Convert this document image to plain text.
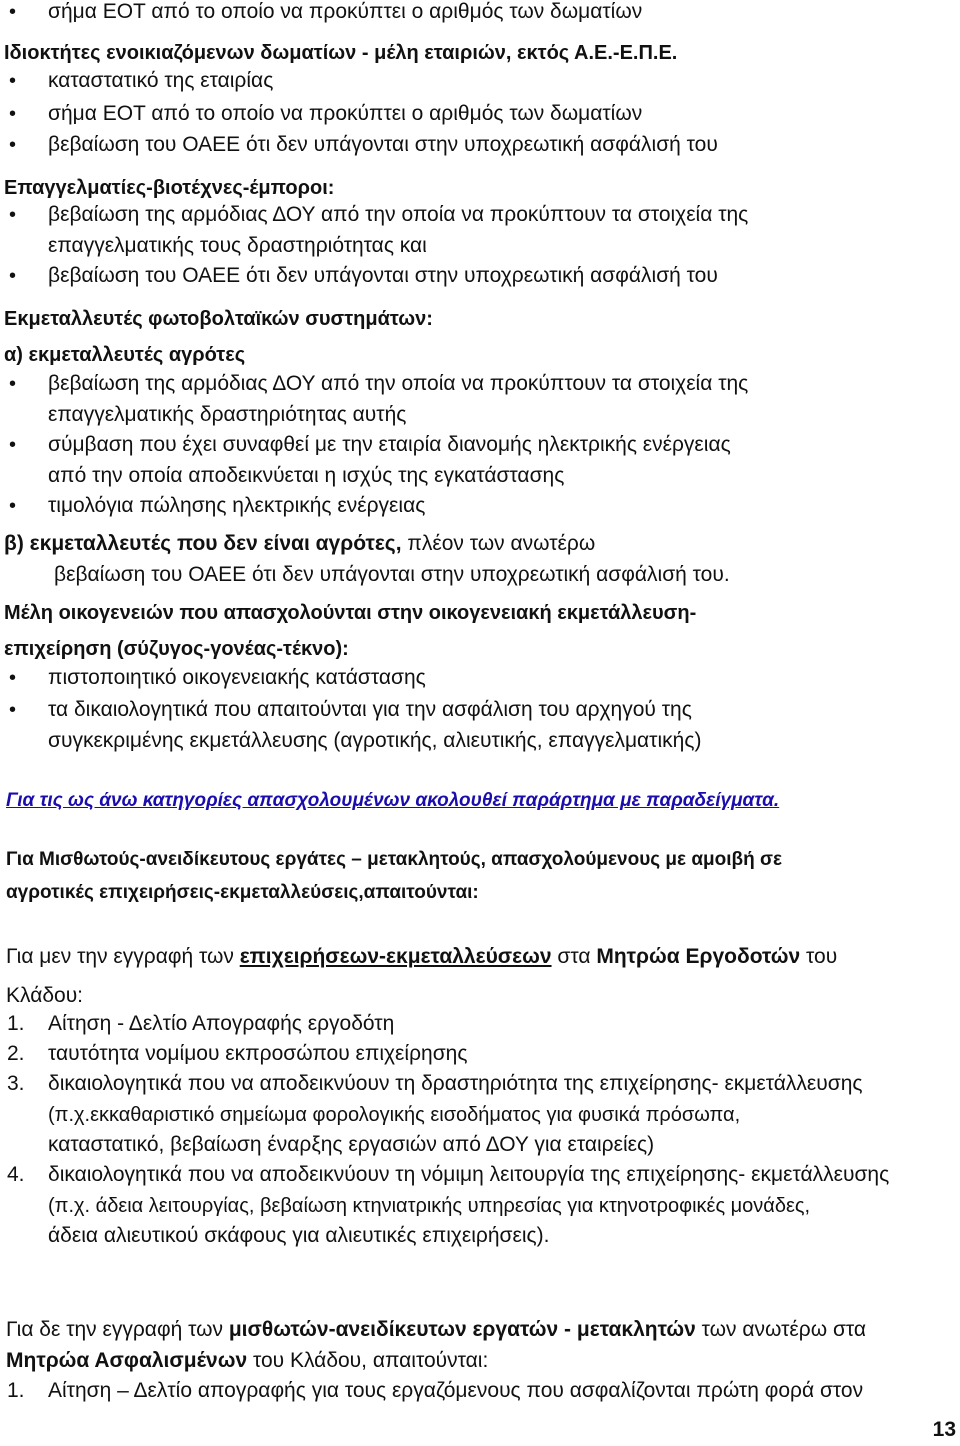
• σήμα ΕΟΤ από το οποίο να προκύπτει ο αριθμός των δωματίων
Ιδιοκτήτες ενοικιαζόμενων δωματίων - μέλη εταιριών, εκτός Α.Ε.-Ε.Π.Ε.
• καταστατικό της εταιρίας
• σήμα ΕΟΤ από το οποίο να προκύπτει ο αριθμός των δωματίων
• βεβαίωση του ΟΑΕΕ ότι δεν υπάγονται στην υποχρεωτική ασφάλισή του
Επαγγελματίες-βιοτέχνες-έμποροι:
• βεβαίωση της αρμόδιας ΔΟΥ από την οποία να προκύπτουν τα στοιχεία της
επαγγελματικής τους δραστηριότητας και
• βεβαίωση του ΟΑΕΕ ότι δεν υπάγονται στην υποχρεωτική ασφάλισή του
Εκμεταλλευτές φωτοβολταϊκών συστημάτων:
α) εκμεταλλευτές αγρότες
• βεβαίωση της αρμόδιας ΔΟΥ από την οποία να προκύπτουν τα στοιχεία της
επαγγελματικής δραστηριότητας αυτής
• σύμβαση που έχει συναφθεί με την εταιρία διανομής ηλεκτρικής ενέργειας
από την οποία αποδεικνύεται η ισχύς της εγκατάστασης
• τιμολόγια πώλησης ηλεκτρικής ενέργειας
β) εκμεταλλευτές που δεν είναι αγρότες, πλέον των ανωτέρω
βεβαίωση του ΟΑΕΕ ότι δεν υπάγονται στην υποχρεωτική ασφάλισή του.
Μέλη οικογενειών που απασχολούνται στην οικογενειακή εκμετάλλευση-
επιχείρηση (σύζυγος-γονέας-τέκνο):
• πιστοποιητικό οικογενειακής κατάστασης
• τα δικαιολογητικά που απαιτούνται για την ασφάλιση του αρχηγού της
συγκεκριμένης εκμετάλλευσης (αγροτικής, αλιευτικής, επαγγελματικής)
Για τις ως άνω κατηγορίες απασχολουμένων ακολουθεί παράρτημα με παραδείγματα.
Για Μισθωτούς-ανειδίκευτους εργάτες – μετακλητούς, απασχολούμενους με αμοιβή σε
αγροτικές επιχειρήσεις-εκμεταλλεύσεις,απαιτούνται:
Για μεν την εγγραφή των επιχειρήσεων-εκμεταλλεύσεων στα Μητρώα Εργοδοτών του
Κλάδου:
1. Αίτηση - Δελτίο Απογραφής εργοδότη
2. ταυτότητα νομίμου εκπροσώπου επιχείρησης
3. δικαιολογητικά που να αποδεικνύουν τη δραστηριότητα της επιχείρησης- εκμετάλλευσης
(π.χ.εκκαθαριστικό σημείωμα φορολογικής εισοδήματος για φυσικά πρόσωπα,
καταστατικό, βεβαίωση έναρξης εργασιών από ΔΟΥ για εταιρείες)
4. δικαιολογητικά που να αποδεικνύουν τη νόμιμη λειτουργία της επιχείρησης- εκμετάλλευσης
(π.χ. άδεια λειτουργίας, βεβαίωση κτηνιατρικής υπηρεσίας για κτηνοτροφικές μονάδες,
άδεια αλιευτικού σκάφους για αλιευτικές επιχειρήσεις).
Για δε την εγγραφή των μισθωτών-ανειδίκευτων εργατών - μετακλητών των ανωτέρω στα
Μητρώα Ασφαλισμένων του Κλάδου, απαιτούνται:
1. Αίτηση – Δελτίο απογραφής για τους εργαζόμενους που ασφαλίζονται πρώτη φορά στον
13
